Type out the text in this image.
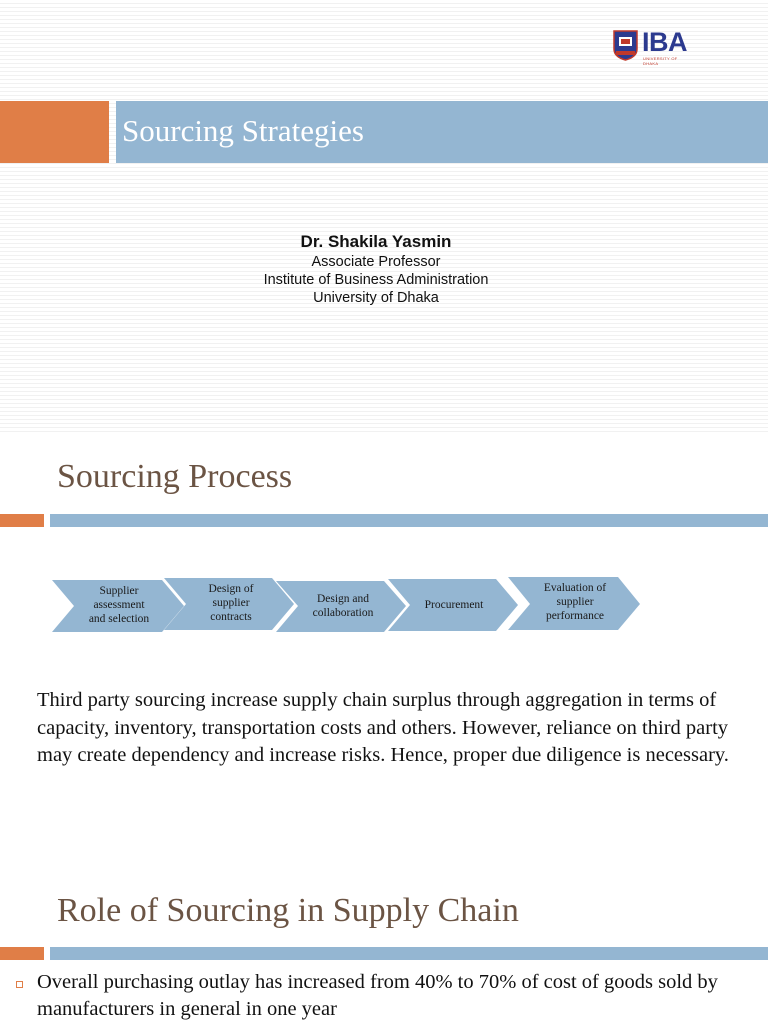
IBA
UNIVERSITY OF DHAKA
Sourcing Strategies
Dr. Shakila Yasmin
Associate Professor
Institute of Business Administration
University of Dhaka
Sourcing Process
Supplier
assessment
and selection
Design of
supplier
contracts
Design and
collaboration
Procurement
Evaluation of
supplier
performance
Third party sourcing increase supply chain surplus through aggregation in terms of capacity, inventory, transportation costs and others. However, reliance on third party may create dependency and increase risks. Hence, proper due diligence is necessary.
Role of Sourcing in Supply Chain
Overall purchasing outlay has increased from 40% to 70% of cost of goods sold by manufacturers in general in one year
